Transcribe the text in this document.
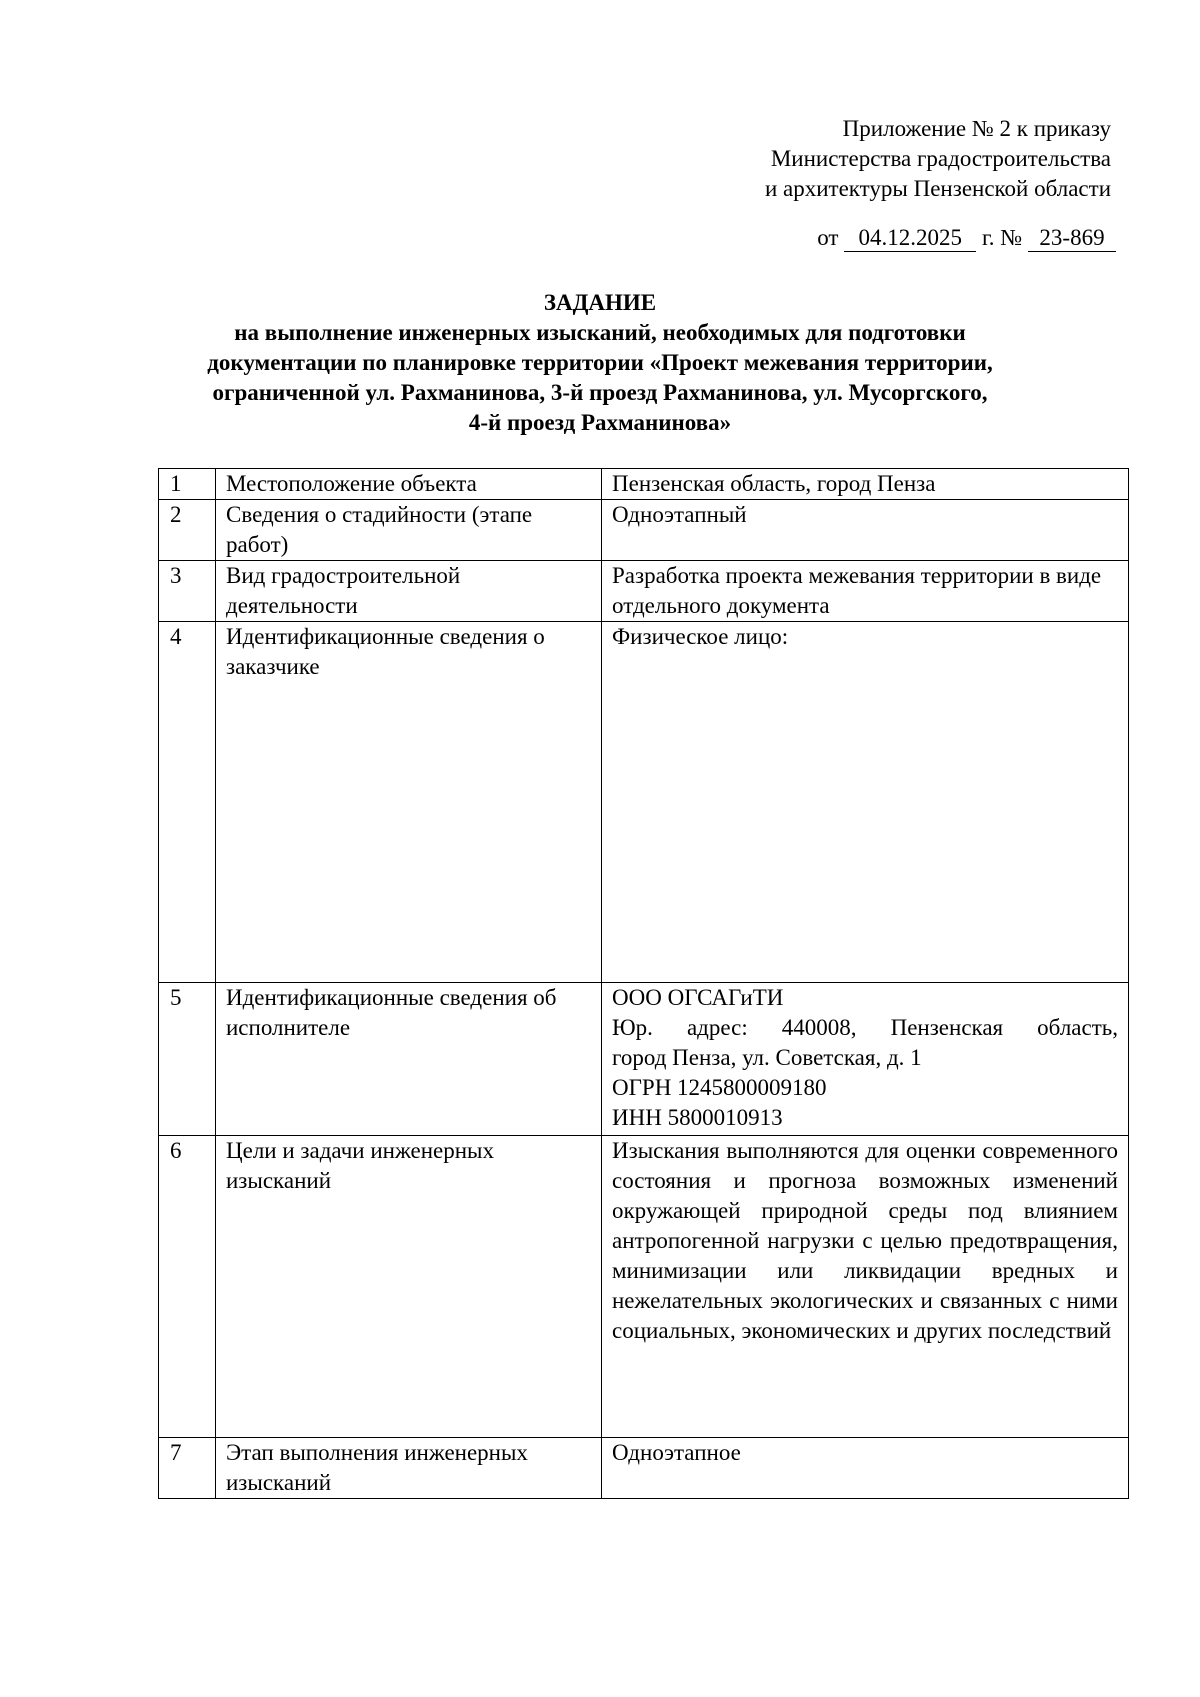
Приложение № 2 к приказу
Министерства градостроительства
и архитектуры Пензенской области
от 04.12.2025 г. № 23-869
ЗАДАНИЕ
на выполнение инженерных изысканий, необходимых для подготовки
документации по планировке территории «Проект межевания территории,
ограниченной ул. Рахманинова, 3-й проезд Рахманинова, ул. Мусоргского,
4-й проезд Рахманинова»
1	Местоположение объекта	Пензенская область, город Пенза
2	Сведения о стадийности (этапе работ)	Одноэтапный
3	Вид градостроительной деятельности	Разработка проекта межевания территории в виде отдельного документа
4	Идентификационные сведения о заказчике	Физическое лицо:
5	Идентификационные сведения об исполнителе	ООО ОГСАГиТИ
Юр. адрес: 440008, Пензенская область,
город Пенза, ул. Советская, д. 1
ОГРН 1245800009180
ИНН 5800010913

6	Цели и задачи инженерных изысканий	Изыскания выполняются для оценки современного состояния и прогноза возможных изменений окружающей природной среды под влиянием антропогенной нагрузки с целью предотвращения, минимизации или ликвидации вредных и нежелательных экологических и связанных с ними социальных, экономических и других последствий
7	Этап выполнения инженерных изысканий	Одноэтапное
